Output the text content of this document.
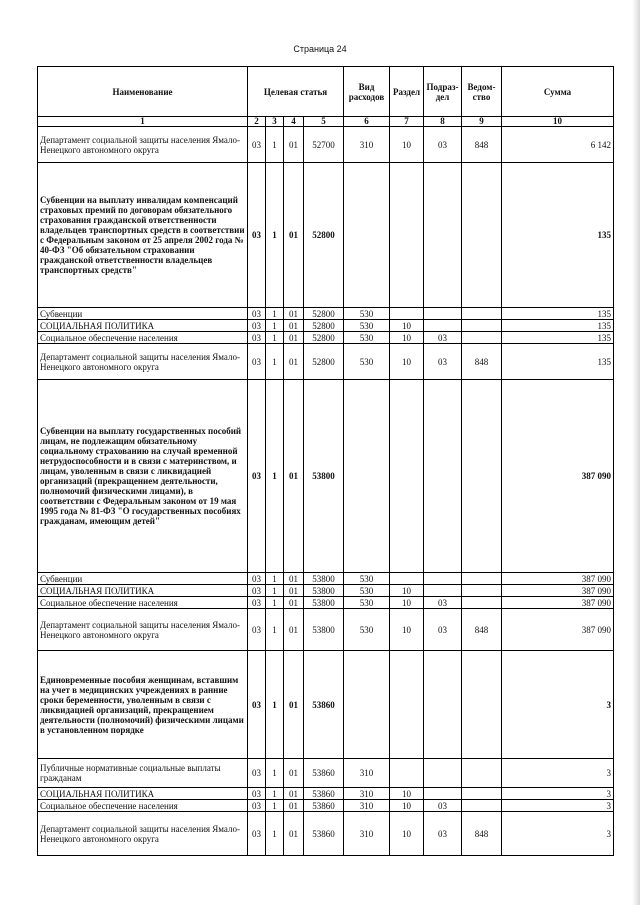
Страница 24
Наименование	Целевая статья				Вид расходов	Раздел	Подраз-дел	Ведом-ство	Сумма
1	2	3	4	5	6	7	8	9	10
Департамент социальной защиты населения Ямало-Ненецкого автономного округа	03	1	01	52700	310	10	03	848	6 142
Субвенции на выплату инвалидам компенсаций страховых премий по договорам обязательного страхования гражданской ответственности владельцев транспортных средств в соответствии с Федеральным законом от 25 апреля 2002 года № 40-ФЗ "Об обязательном страховании гражданской ответственности владельцев транспортных средств"	03	1	01	52800					135
Субвенции	03	1	01	52800	530				135
СОЦИАЛЬНАЯ ПОЛИТИКА	03	1	01	52800	530	10			135
Социальное обеспечение населения	03	1	01	52800	530	10	03		135
Департамент социальной защиты населения Ямало-Ненецкого автономного округа	03	1	01	52800	530	10	03	848	135
Субвенции на выплату государственных пособий лицам, не подлежащим обязательному социальному страхованию на случай временной нетрудоспособности и в связи с материнством, и лицам, уволенным в связи с ликвидацией организаций (прекращением деятельности, полномочий физическими лицами), в соответствии с Федеральным законом от 19 мая 1995 года № 81-ФЗ "О государственных пособиях гражданам, имеющим детей"	03	1	01	53800					387 090
Субвенции	03	1	01	53800	530				387 090
СОЦИАЛЬНАЯ ПОЛИТИКА	03	1	01	53800	530	10			387 090
Социальное обеспечение населения	03	1	01	53800	530	10	03		387 090
Департамент социальной защиты населения Ямало-Ненецкого автономного округа	03	1	01	53800	530	10	03	848	387 090
Единовременные пособия женщинам, вставшим на учет в медицинских учреждениях в ранние сроки беременности, уволенным в связи с ликвидацией организаций, прекращением деятельности (полномочий) физическими лицами в установленном порядке	03	1	01	53860					3
Публичные нормативные социальные выплаты гражданам	03	1	01	53860	310				3
СОЦИАЛЬНАЯ ПОЛИТИКА	03	1	01	53860	310	10			3
Социальное обеспечение населения	03	1	01	53860	310	10	03		3
Департамент социальной защиты населения Ямало-Ненецкого автономного округа	03	1	01	53860	310	10	03	848	3
